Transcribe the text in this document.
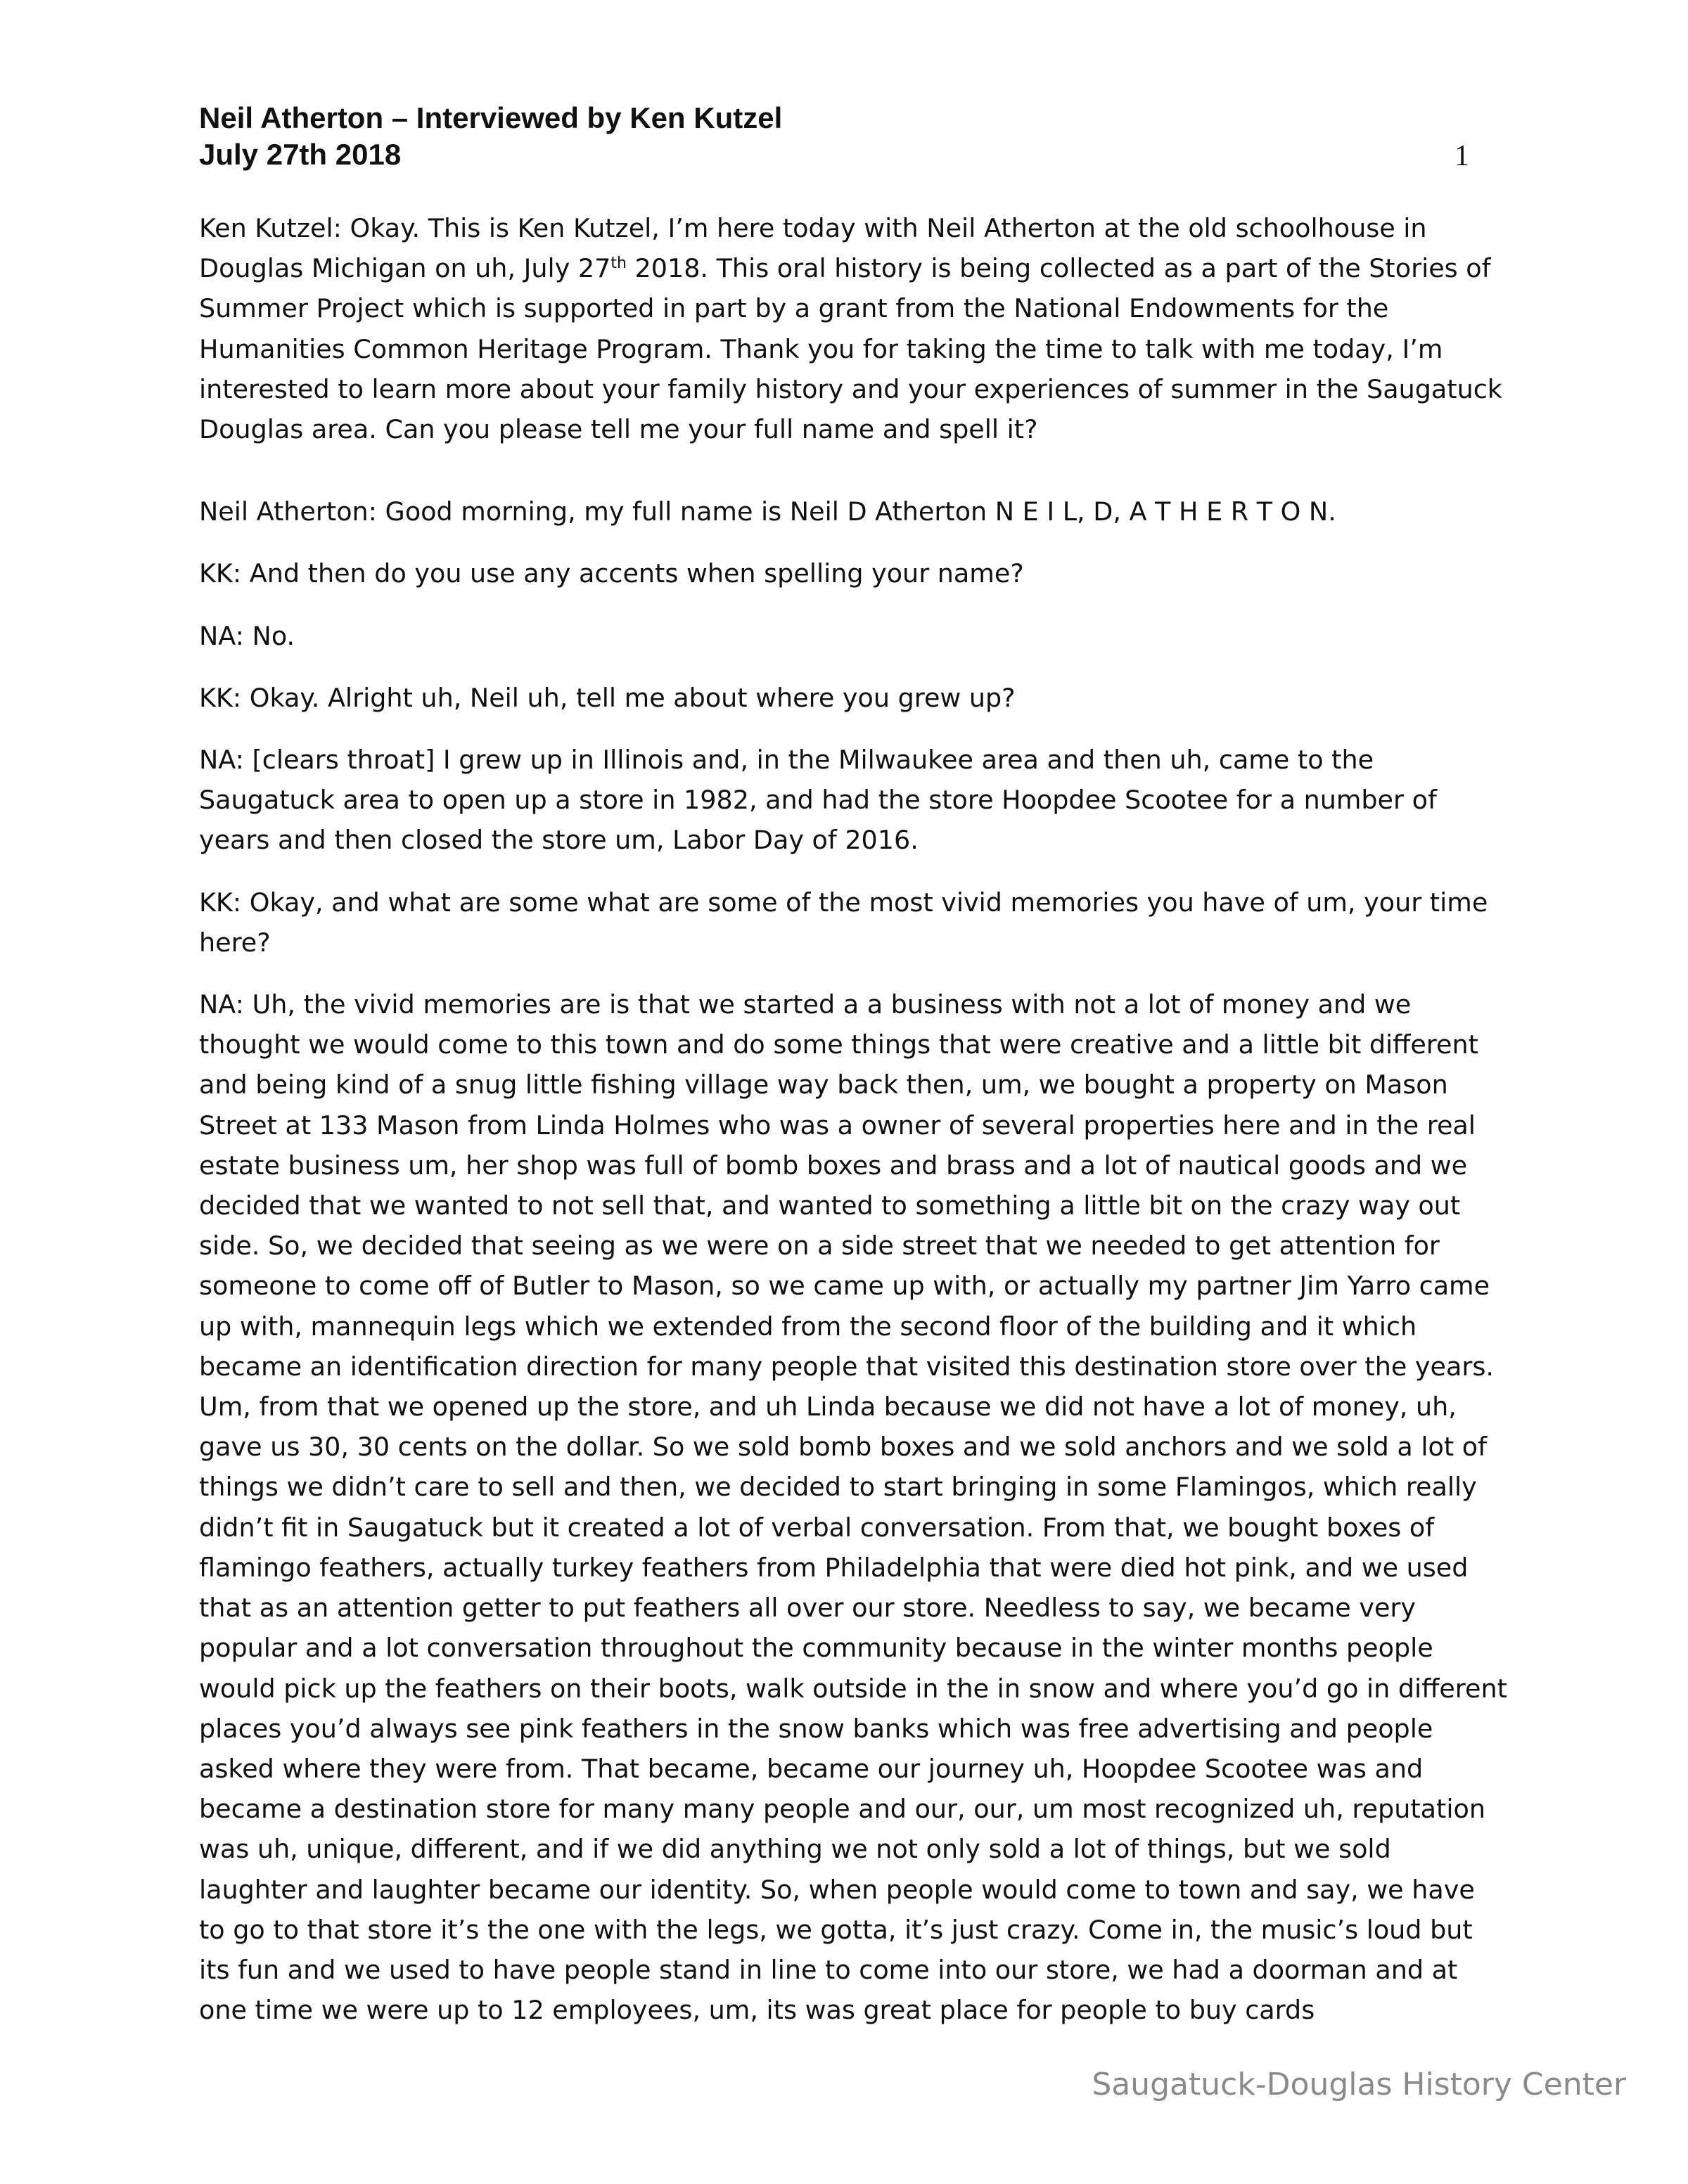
Neil Atherton – Interviewed by Ken Kutzel
July 27th 2018	1

Ken Kutzel: Okay. This is Ken Kutzel, I’m here today with Neil Atherton at the old schoolhouse in Douglas Michigan on uh, July 27th 2018. This oral history is being collected as a part of the Stories of Summer Project which is supported in part by a grant from the National Endowments for the Humanities Common Heritage Program. Thank you for taking the time to talk with me today, I’m interested to learn more about your family history and your experiences of summer in the Saugatuck Douglas area. Can you please tell me your full name and spell it?

Neil Atherton: Good morning, my full name is Neil D Atherton N E I L, D, A T H E R T O N.

KK: And then do you use any accents when spelling your name?

NA: No.

KK: Okay. Alright uh, Neil uh, tell me about where you grew up?

NA: [clears throat] I grew up in Illinois and, in the Milwaukee area and then uh, came to the Saugatuck area to open up a store in 1982, and had the store Hoopdee Scootee for a number of years and then closed the store um, Labor Day of 2016.

KK: Okay, and what are some what are some of the most vivid memories you have of um, your time here?

NA: Uh, the vivid memories are is that we started a a business with not a lot of money and we thought we would come to this town and do some things that were creative and a little bit different and being kind of a snug little fishing village way back then, um, we bought a property on Mason Street at 133 Mason from Linda Holmes who was a owner of several properties here and in the real estate business um, her shop was full of bomb boxes and brass and a lot of nautical goods and we decided that we wanted to not sell that, and wanted to something a little bit on the crazy way out side. So, we decided that seeing as we were on a side street that we needed to get attention for someone to come off of Butler to Mason, so we came up with, or actually my partner Jim Yarro came up with, mannequin legs which we extended from the second floor of the building and it which became an identification direction for many people that visited this destination store over the years. Um, from that we opened up the store, and uh Linda because we did not have a lot of money, uh, gave us 30, 30 cents on the dollar. So we sold bomb boxes and we sold anchors and we sold a lot of things we didn’t care to sell and then, we decided to start bringing in some Flamingos, which really didn’t fit in Saugatuck but it created a lot of verbal conversation. From that, we bought boxes of flamingo feathers, actually turkey feathers from Philadelphia that were died hot pink, and we used that as an attention getter to put feathers all over our store. Needless to say, we became very popular and a lot conversation throughout the community because in the winter months people would pick up the feathers on their boots, walk outside in the in snow and where you’d go in different places you’d always see pink feathers in the snow banks which was free advertising and people asked where they were from. That became, became our journey uh, Hoopdee Scootee was and became a destination store for many many people and our, our, um most recognized uh, reputation was uh, unique, different, and if we did anything we not only sold a lot of things, but we sold laughter and laughter became our identity. So, when people would come to town and say, we have to go to that store it’s the one with the legs, we gotta, it’s just crazy. Come in, the music’s loud but its fun and we used to have people stand in line to come into our store, we had a doorman and at one time we were up to 12 employees, um, its was great place for people to buy cards

Saugatuck-Douglas History Center
